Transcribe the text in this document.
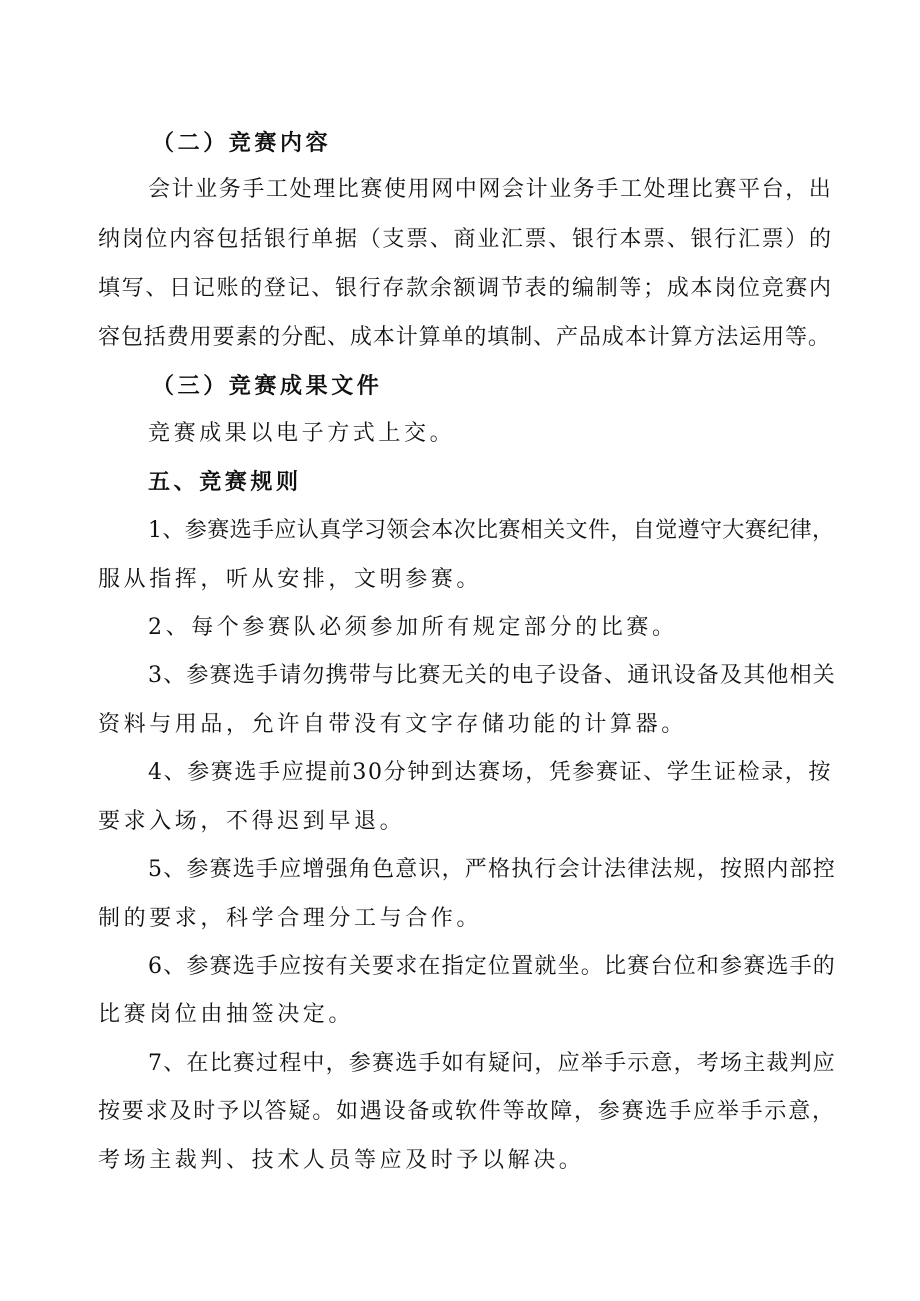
（二）竞赛内容
会计业务手工处理比赛使用网中网会计业务手工处理比赛平台，出
纳岗位内容包括银行单据（支票、商业汇票、银行本票、银行汇票）的
填写、日记账的登记、银行存款余额调节表的编制等；成本岗位竞赛内
容包括费用要素的分配、成本计算单的填制、产品成本计算方法运用等。
（三）竞赛成果文件
竞赛成果以电子方式上交。
五、竞赛规则
1、参赛选手应认真学习领会本次比赛相关文件，自觉遵守大赛纪律，
服从指挥，听从安排，文明参赛。
2、每个参赛队必须参加所有规定部分的比赛。
3、参赛选手请勿携带与比赛无关的电子设备、通讯设备及其他相关
资料与用品，允许自带没有文字存储功能的计算器。
4、参赛选手应提前30分钟到达赛场，凭参赛证、学生证检录，按
要求入场，不得迟到早退。
5、参赛选手应增强角色意识，严格执行会计法律法规，按照内部控
制的要求，科学合理分工与合作。
6、参赛选手应按有关要求在指定位置就坐。比赛台位和参赛选手的
比赛岗位由抽签决定。
7、在比赛过程中，参赛选手如有疑问，应举手示意，考场主裁判应
按要求及时予以答疑。如遇设备或软件等故障，参赛选手应举手示意，
考场主裁判、技术人员等应及时予以解决。
